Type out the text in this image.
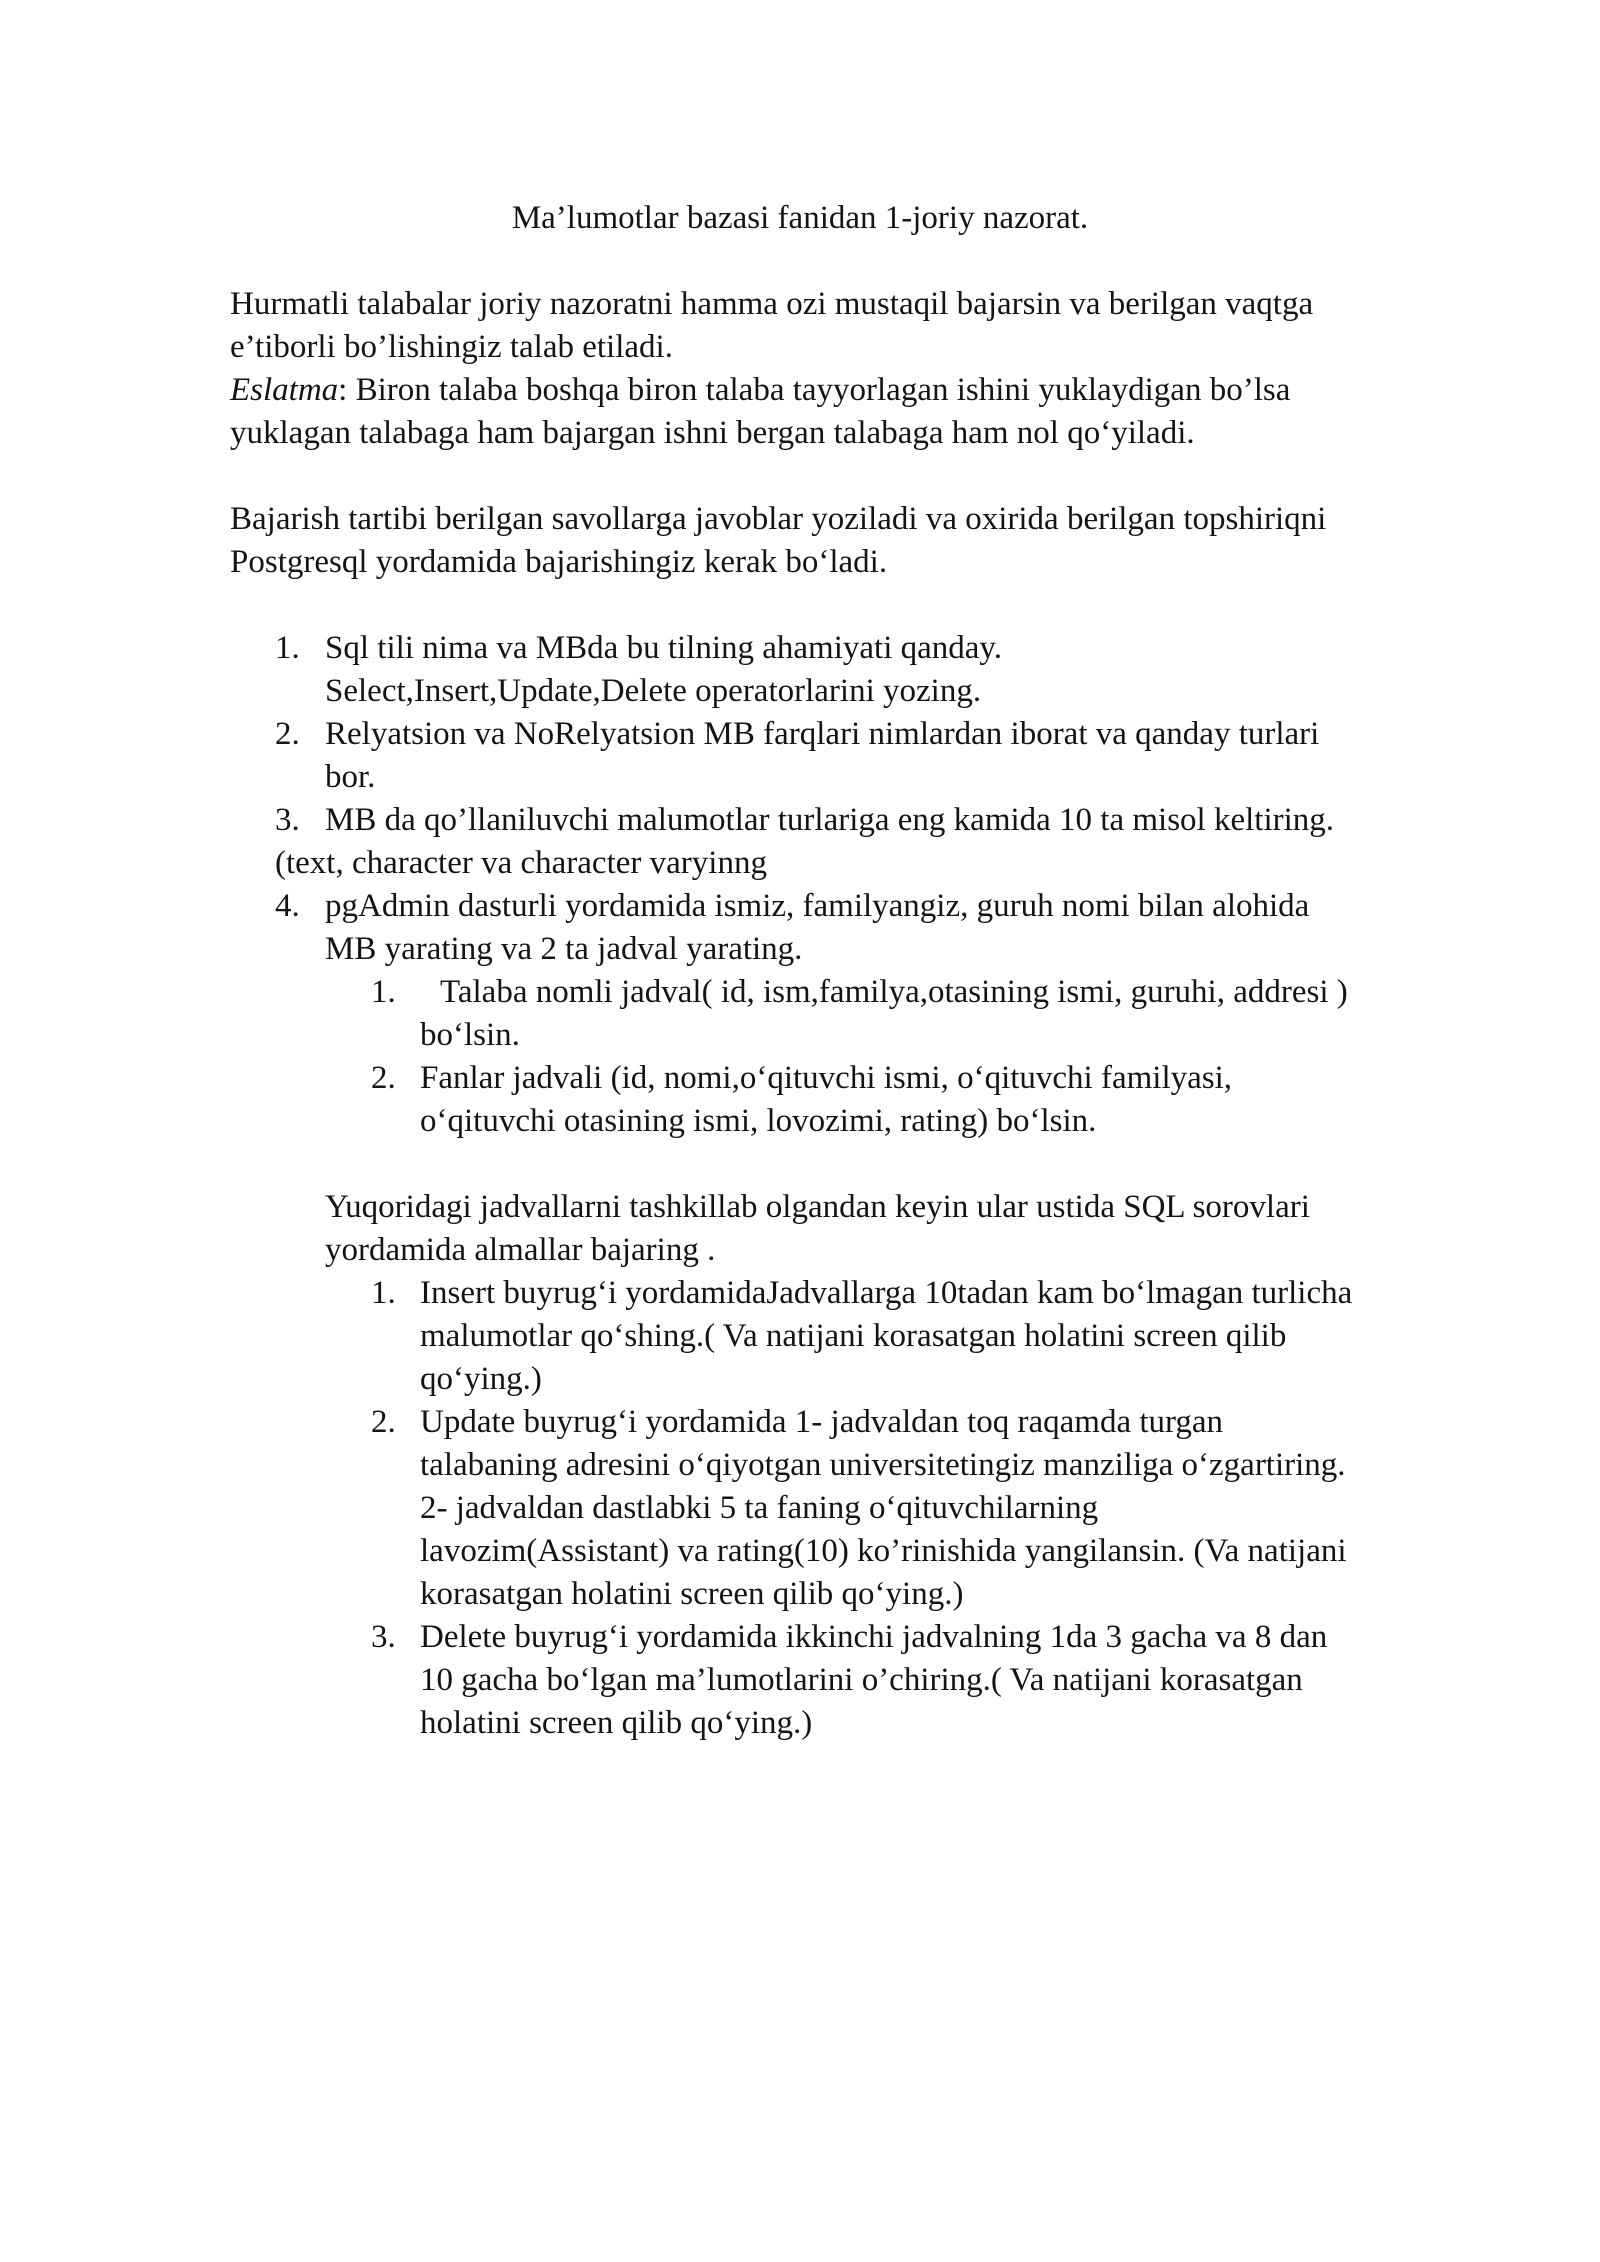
Ma’lumotlar bazasi fanidan 1-joriy nazorat.
Hurmatli talabalar joriy nazoratni hamma ozi mustaqil bajarsin va berilgan vaqtga
e’tiborli bo’lishingiz talab etiladi.
Eslatma: Biron talaba boshqa biron talaba tayyorlagan ishini yuklaydigan bo’lsa
yuklagan talabaga ham bajargan ishni bergan talabaga ham nol qo‘yiladi.
Bajarish tartibi berilgan savollarga javoblar yoziladi va oxirida berilgan topshiriqni
Postgresql yordamida bajarishingiz kerak bo‘ladi.
1. Sql tili nima va MBda bu tilning ahamiyati qanday.
Select,Insert,Update,Delete operatorlarini yozing.
2. Relyatsion va NoRelyatsion MB farqlari nimlardan iborat va qanday turlari
bor.
3. MB da qo’llaniluvchi malumotlar turlariga eng kamida 10 ta misol keltiring.
(text, character va character varyinng
4. pgAdmin dasturli yordamida ismiz, familyangiz, guruh nomi bilan alohida
MB yarating va 2 ta jadval yarating.
1. Talaba nomli jadval( id, ism,familya,otasining ismi, guruhi, addresi )
bo‘lsin.
2. Fanlar jadvali (id, nomi,o‘qituvchi ismi, o‘qituvchi familyasi,
o‘qituvchi otasining ismi, lovozimi, rating) bo‘lsin.
Yuqoridagi jadvallarni tashkillab olgandan keyin ular ustida SQL sorovlari
yordamida almallar bajaring .
1. Insert buyrug‘i yordamidaJadvallarga 10tadan kam bo‘lmagan turlicha
malumotlar qo‘shing.( Va natijani korasatgan holatini screen qilib
qo‘ying.)
2. Update buyrug‘i yordamida 1- jadvaldan toq raqamda turgan
talabaning adresini o‘qiyotgan universitetingiz manziliga o‘zgartiring.
2- jadvaldan dastlabki 5 ta faning o‘qituvchilarning
lavozim(Assistant) va rating(10) ko’rinishida yangilansin. (Va natijani
korasatgan holatini screen qilib qo‘ying.)
3. Delete buyrug‘i yordamida ikkinchi jadvalning 1da 3 gacha va 8 dan
10 gacha bo‘lgan ma’lumotlarini o’chiring.( Va natijani korasatgan
holatini screen qilib qo‘ying.)
